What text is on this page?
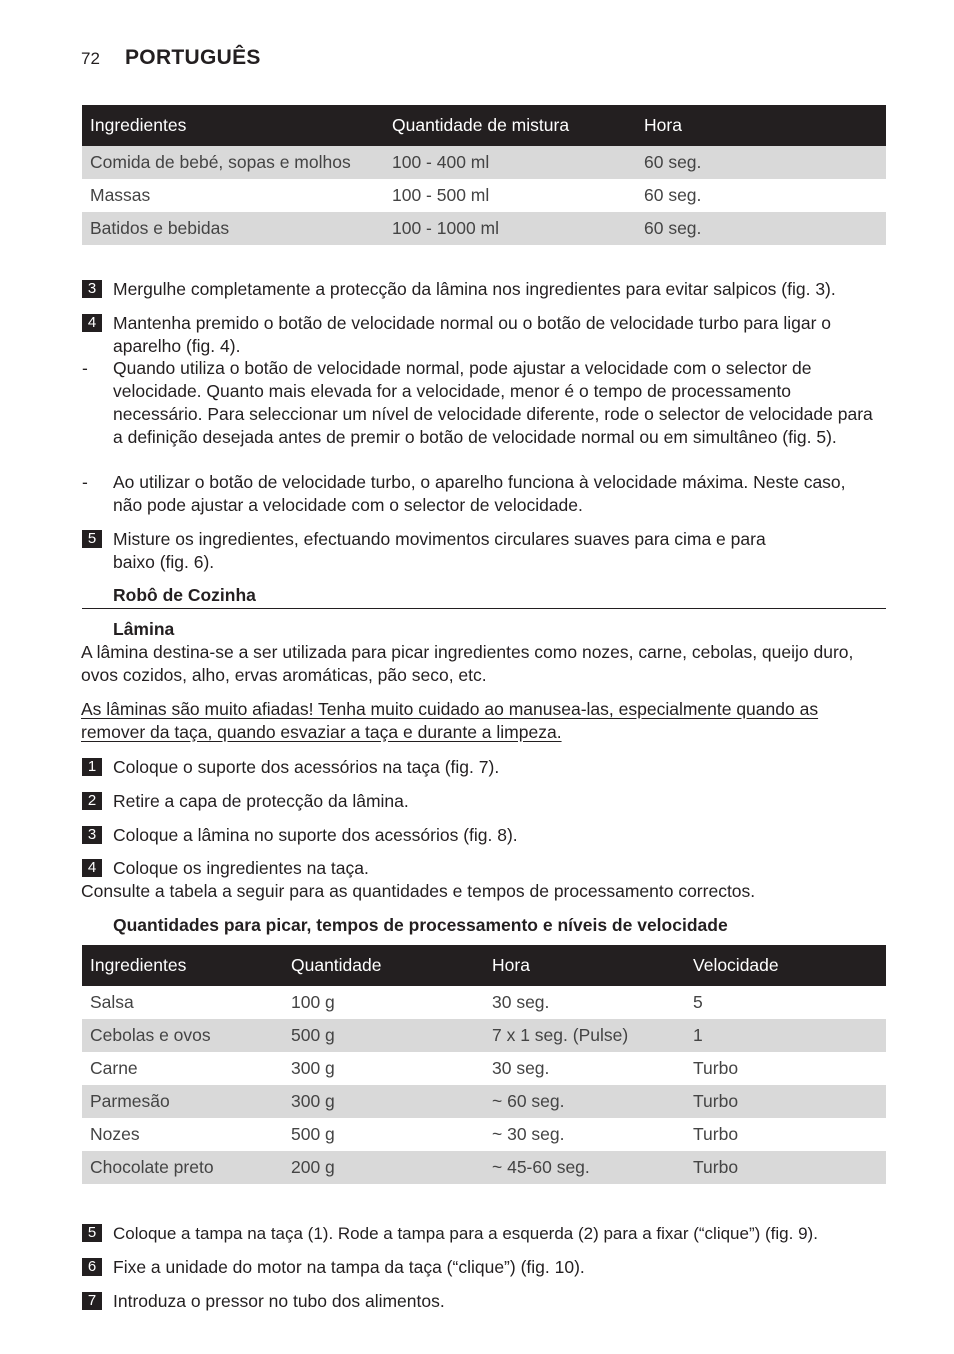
72 PORTUGUÊS
Ingredientes	Quantidade de mistura	Hora
Comida de bebé, sopas e molhos	100 - 400 ml	60 seg.
Massas	100 - 500 ml	60 seg.
Batidos e bebidas	100 - 1000 ml	60 seg.
3 Mergulhe completamente a protecção da lâmina nos ingredientes para evitar salpicos (fig. 3).
4 Mantenha premido o botão de velocidade normal ou o botão de velocidade turbo para ligar o aparelho (fig. 4).
-	Quando utiliza o botão de velocidade normal, pode ajustar a velocidade com o selector de velocidade. Quanto mais elevada for a velocidade, menor é o tempo de processamento necessário. Para seleccionar um nível de velocidade diferente, rode o selector de velocidade para a definição desejada antes de premir o botão de velocidade normal ou em simultâneo (fig. 5).
-	Ao utilizar o botão de velocidade turbo, o aparelho funciona à velocidade máxima. Neste caso, não pode ajustar a velocidade com o selector de velocidade.
5 Misture os ingredientes, efectuando movimentos circulares suaves para cima e para baixo (fig. 6).
Robô de Cozinha
Lâmina
A lâmina destina-se a ser utilizada para picar ingredientes como nozes, carne, cebolas, queijo duro, ovos cozidos, alho, ervas aromáticas, pão seco, etc.
As lâminas são muito afiadas! Tenha muito cuidado ao manusea-las, especialmente quando as remover da taça, quando esvaziar a taça e durante a limpeza.
1 Coloque o suporte dos acessórios na taça (fig. 7).
2 Retire a capa de protecção da lâmina.
3 Coloque a lâmina no suporte dos acessórios (fig. 8).
4 Coloque os ingredientes na taça.
Consulte a tabela a seguir para as quantidades e tempos de processamento correctos.
Quantidades para picar, tempos de processamento e níveis de velocidade
Ingredientes	Quantidade	Hora	Velocidade
Salsa	100 g	30 seg.	5
Cebolas e ovos	500 g	7 x 1 seg. (Pulse)	1
Carne	300 g	30 seg.	Turbo
Parmesão	300 g	~ 60 seg.	Turbo
Nozes	500 g	~ 30 seg.	Turbo
Chocolate preto	200 g	~ 45-60 seg.	Turbo
5 Coloque a tampa na taça (1). Rode a tampa para a esquerda (2) para a fixar (“clique”) (fig. 9).
6 Fixe a unidade do motor na tampa da taça (“clique”) (fig. 10).
7 Introduza o pressor no tubo dos alimentos.
